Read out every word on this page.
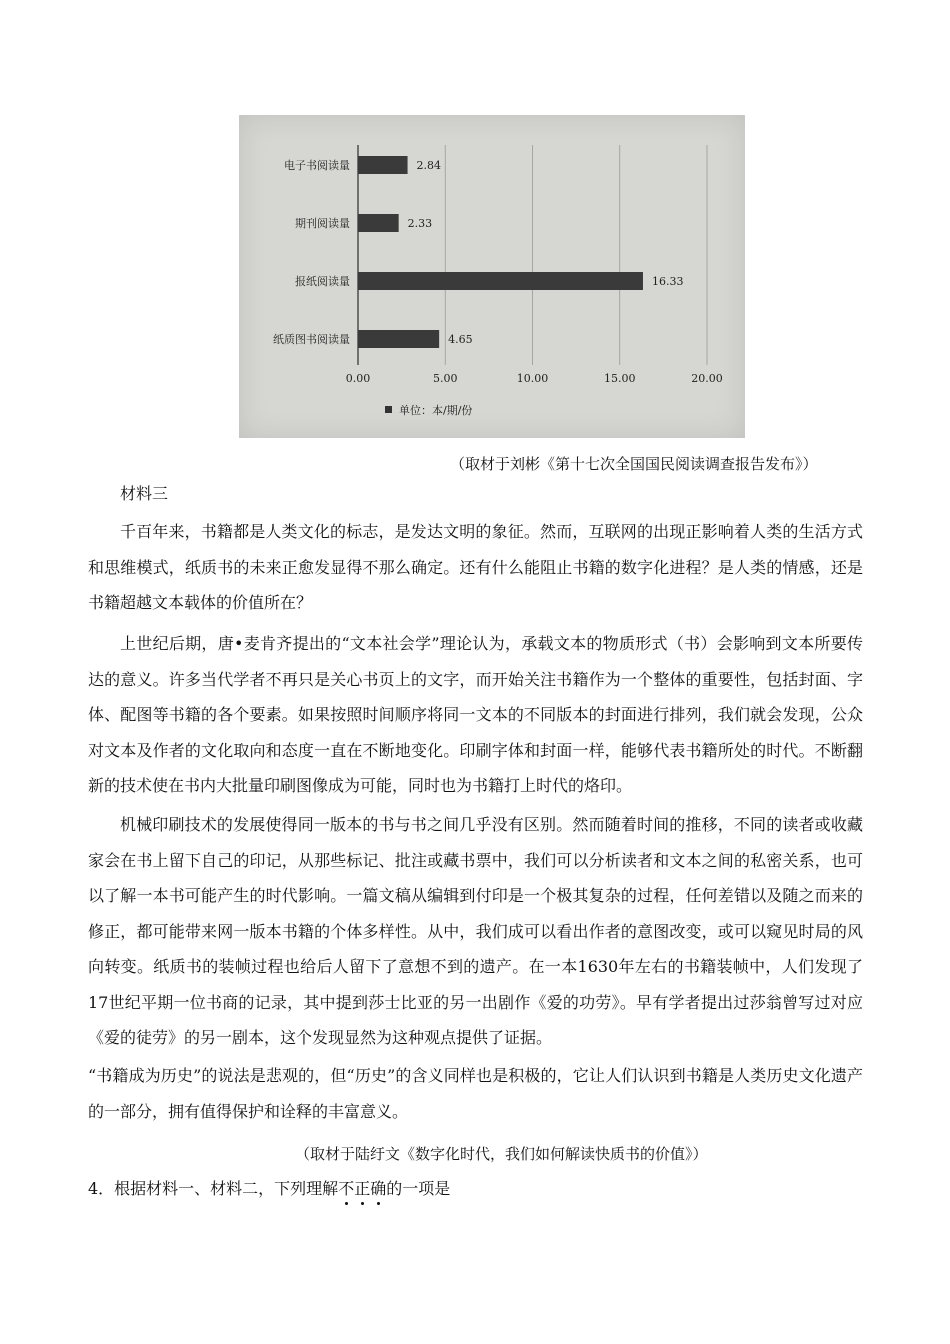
电子书阅读量	2.84
期刊阅读量	2.33
报纸阅读量	16.33
纸质图书阅读量	4.65
0.00	5.00	10.00	15.00	20.00
单位：本/期/份
（取材于刘彬《第十七次全国国民阅读调查报告发布》）
材料三

千百年来，书籍都是人类文化的标志，是发达文明的象征。然而，互联网的出现正影响着人类的生活方式和思维模式，纸质书的未来正愈发显得不那么确定。还有什么能阻止书籍的数字化进程？是人类的情感，还是书籍超越文本载体的价值所在？

上世纪后期，唐•麦肯齐提出的“文本社会学”理论认为，承载文本的物质形式（书）会影响到文本所要传达的意义。许多当代学者不再只是关心书页上的文字，而开始关注书籍作为一个整体的重要性，包括封面、字体、配图等书籍的各个要素。如果按照时间顺序将同一文本的不同版本的封面进行排列，我们就会发现，公众对文本及作者的文化取向和态度一直在不断地变化。印刷字体和封面一样，能够代表书籍所处的时代。不断翻新的技术使在书内大批量印刷图像成为可能，同时也为书籍打上时代的烙印。

机械印刷技术的发展使得同一版本的书与书之间几乎没有区别。然而随着时间的推移，不同的读者或收藏家会在书上留下自己的印记，从那些标记、批注或藏书票中，我们可以分析读者和文本之间的私密关系，也可以了解一本书可能产生的时代影响。一篇文稿从编辑到付印是一个极其复杂的过程，任何差错以及随之而来的修正，都可能带来网一版本书籍的个体多样性。从中，我们成可以看出作者的意图改变，或可以窥见时局的风向转变。纸质书的装帧过程也给后人留下了意想不到的遗产。在一本1630年左右的书籍装帧中，人们发现了17世纪平期一位书商的记录，其中提到莎士比亚的另一出剧作《爱的功劳》。早有学者提出过莎翁曾写过对应《爱的徒劳》的另一剧本，这个发现显然为这种观点提供了证据。

“书籍成为历史”的说法是悲观的，但“历史”的含义同样也是积极的，它让人们认识到书籍是人类历史文化遗产的一部分，拥有值得保护和诠释的丰富意义。

（取材于陆纡文《数字化时代，我们如何解读快质书的价值》）
4．根据材料一、材料二，下列理解不正确的一项是
